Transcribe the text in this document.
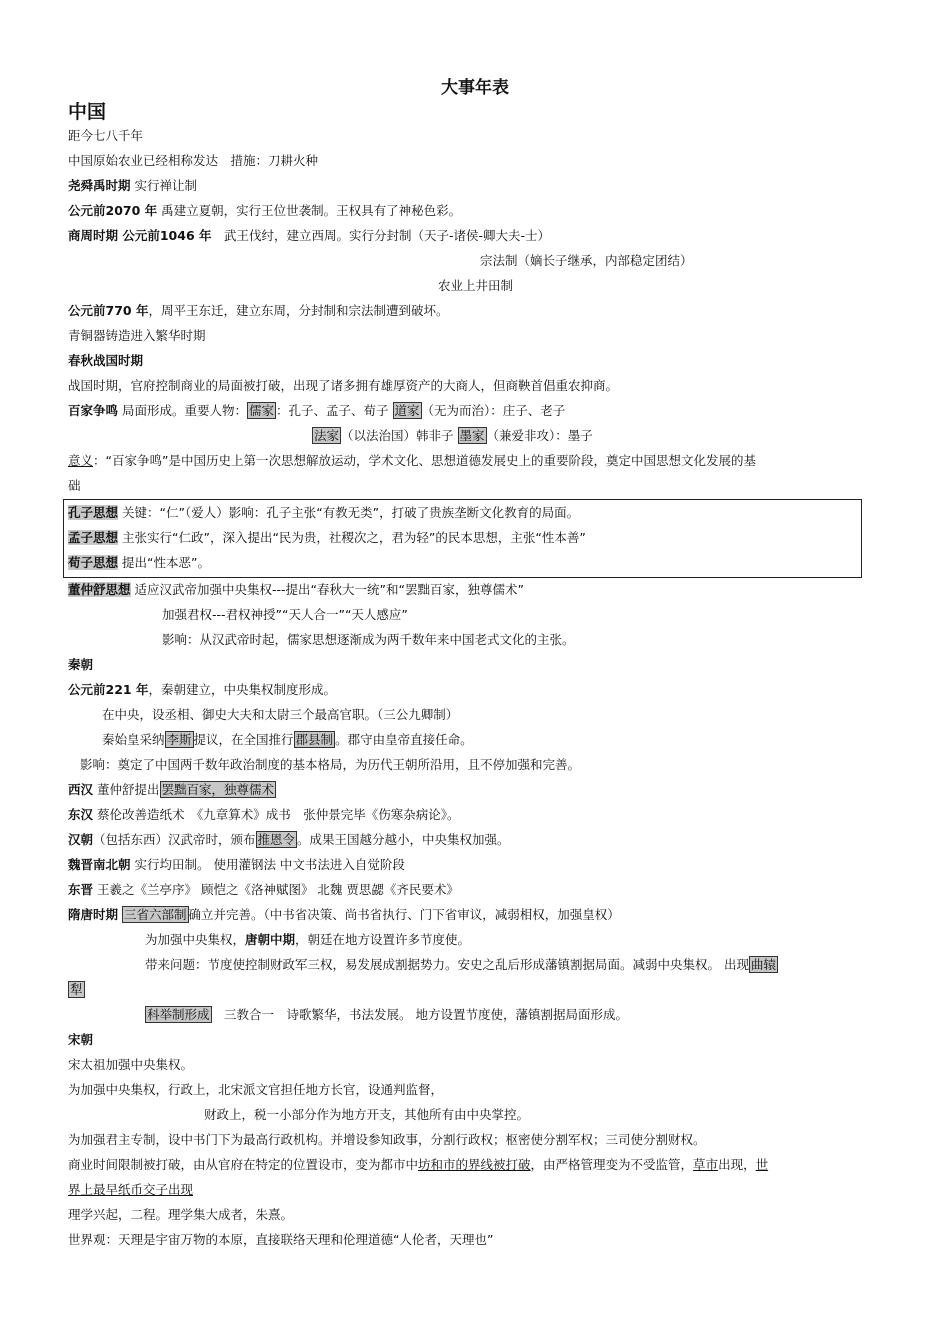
大事年表
中国
距今七八千年
中国原始农业已经相称发达　措施：刀耕火种
尧舜禹时期 实行禅让制
公元前2070 年 禹建立夏朝，实行王位世袭制。王权具有了神秘色彩。
商周时期 公元前1046 年　 武王伐纣，建立西周。实行分封制（天子-诸侯-卿大夫-士）
宗法制（嫡长子继承，内部稳定团结）
农业上井田制
公元前770 年，周平王东迁，建立东周，分封制和宗法制遭到破坏。
青铜器铸造进入繁华时期
春秋战国时期
战国时期，官府控制商业的局面被打破，出现了诸多拥有雄厚资产的大商人，但商鞅首倡重农抑商。
百家争鸣 局面形成。重要人物： 儒家 ：孔子、孟子、荀子 道家 （无为而治）：庄子、老子
法家 （以法治国）韩非子 墨家 （兼爱非攻）：墨子
意义：“百家争鸣”是中国历史上第一次思想解放运动，学术文化、思想道德发展史上的重要阶段，奠定中国思想文化发展的基
础
孔子思想 关键：“仁”（爱人）影响：孔子主张“有教无类”，打破了贵族垄断文化教育的局面。
孟子思想 主张实行“仁政”，深入提出“民为贵，社稷次之，君为轻”的民本思想，主张“性本善”
荀子思想 提出“性本恶”。
董仲舒思想 适应汉武帝加强中央集权---提出“春秋大一统”和“罢黜百家，独尊儒术”
加强君权---君权神授”“天人合一”“天人感应”
影响：从汉武帝时起，儒家思想逐渐成为两千数年来中国老式文化的主张。
秦朝
公元前221 年，秦朝建立，中央集权制度形成。
在中央，设丞相、御史大夫和太尉三个最高官职。（三公九卿制）
秦始皇采纳 李斯 提议，在全国推行 郡县制 。郡守由皇帝直接任命。
影响：奠定了中国两千数年政治制度的基本格局，为历代王朝所沿用，且不停加强和完善。
西汉 董仲舒提出 罢黜百家，独尊儒术
东汉 蔡伦改善造纸术　《九章算术》成书　张仲景完毕《伤寒杂病论》。
汉朝（包括东西）汉武帝时，颁布 推恩令 。成果王国越分越小，中央集权加强。
魏晋南北朝 实行均田制。 使用灌钢法 中文书法进入自觉阶段
东晋 王羲之《兰亭序》 顾恺之《洛神赋图》 北魏 贾思勰《齐民要术》
隋唐时期 三省六部制 确立并完善。（中书省决策、尚书省执行、门下省审议，减弱相权，加强皇权）
为加强中央集权，唐朝中期，朝廷在地方设置许多节度使。
带来问题：节度使控制财政军三权，易发展成割据势力。安史之乱后形成藩镇割据局面。减弱中央集权。 出现 曲辕
犁
科举制形成　三教合一　诗歌繁华，书法发展。 地方设置节度使，藩镇割据局面形成。
宋朝
宋太祖加强中央集权。
为加强中央集权，行政上，北宋派文官担任地方长官，设通判监督，
财政上，税一小部分作为地方开支，其他所有由中央掌控。
为加强君主专制，设中书门下为最高行政机构。并增设参知政事，分割行政权；枢密使分割军权；三司使分割财权。
商业时间限制被打破，由从官府在特定的位置设市，变为都市中坊和市的界线被打破，由严格管理变为不受监管，草市出现，世
界上最早纸币交子出现
理学兴起，二程。理学集大成者，朱熹。
世界观：天理是宇宙万物的本原，直接联络天理和伦理道德“人伦者，天理也”
